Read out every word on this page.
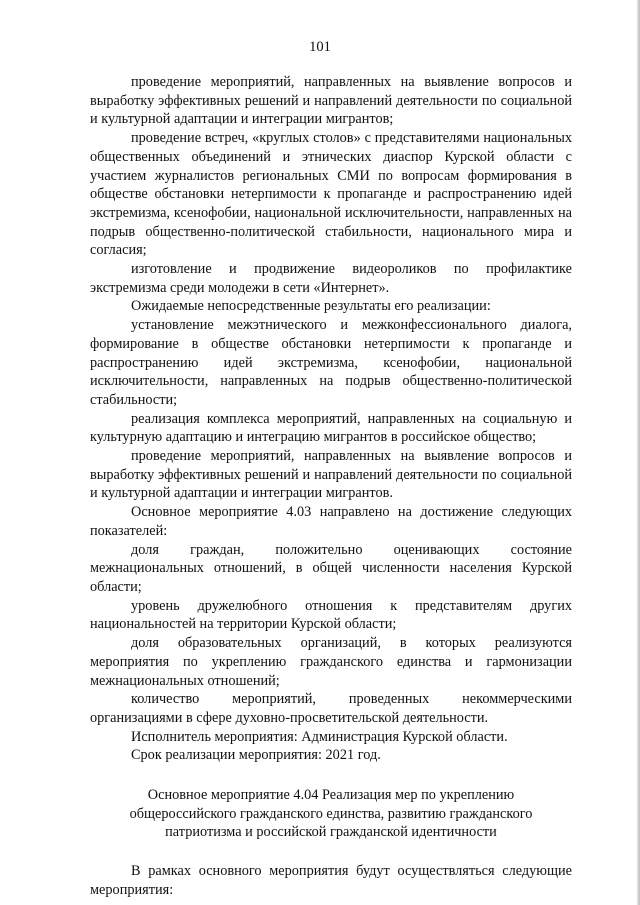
101

проведение мероприятий, направленных на выявление вопросов и выработку эффективных решений и направлений деятельности по социальной и культурной адаптации и интеграции мигрантов;

проведение встреч, «круглых столов» с представителями национальных общественных объединений и этнических диаспор Курской области с участием журналистов региональных СМИ по вопросам формирования в обществе обстановки нетерпимости к пропаганде и распространению идей экстремизма, ксенофобии, национальной исключительности, направленных на подрыв общественно-политической стабильности, национального мира и согласия;

изготовление и продвижение видеороликов по профилактике экстремизма среди молодежи в сети «Интернет».

Ожидаемые непосредственные результаты его реализации:

установление межэтнического и межконфессионального диалога, формирование в обществе обстановки нетерпимости к пропаганде и распространению идей экстремизма, ксенофобии, национальной исключительности, направленных на подрыв общественно-политической стабильности;

реализация комплекса мероприятий, направленных на социальную и культурную адаптацию и интеграцию мигрантов в российское общество;

проведение мероприятий, направленных на выявление вопросов и выработку эффективных решений и направлений деятельности по социальной и культурной адаптации и интеграции мигрантов.

Основное мероприятие 4.03 направлено на достижение следующих показателей:

доля граждан, положительно оценивающих состояние межнациональных отношений, в общей численности населения Курской области;

уровень дружелюбного отношения к представителям других национальностей на территории Курской области;

доля образовательных организаций, в которых реализуются мероприятия по укреплению гражданского единства и гармонизации межнациональных отношений;

количество мероприятий, проведенных некоммерческими организациями в сфере духовно-просветительской деятельности.

Исполнитель мероприятия: Администрация Курской области.

Срок реализации мероприятия: 2021 год.

Основное мероприятие 4.04 Реализация мер по укреплению
общероссийского гражданского единства, развитию гражданского
патриотизма и российской гражданской идентичности

В рамках основного мероприятия будут осуществляться следующие мероприятия:
